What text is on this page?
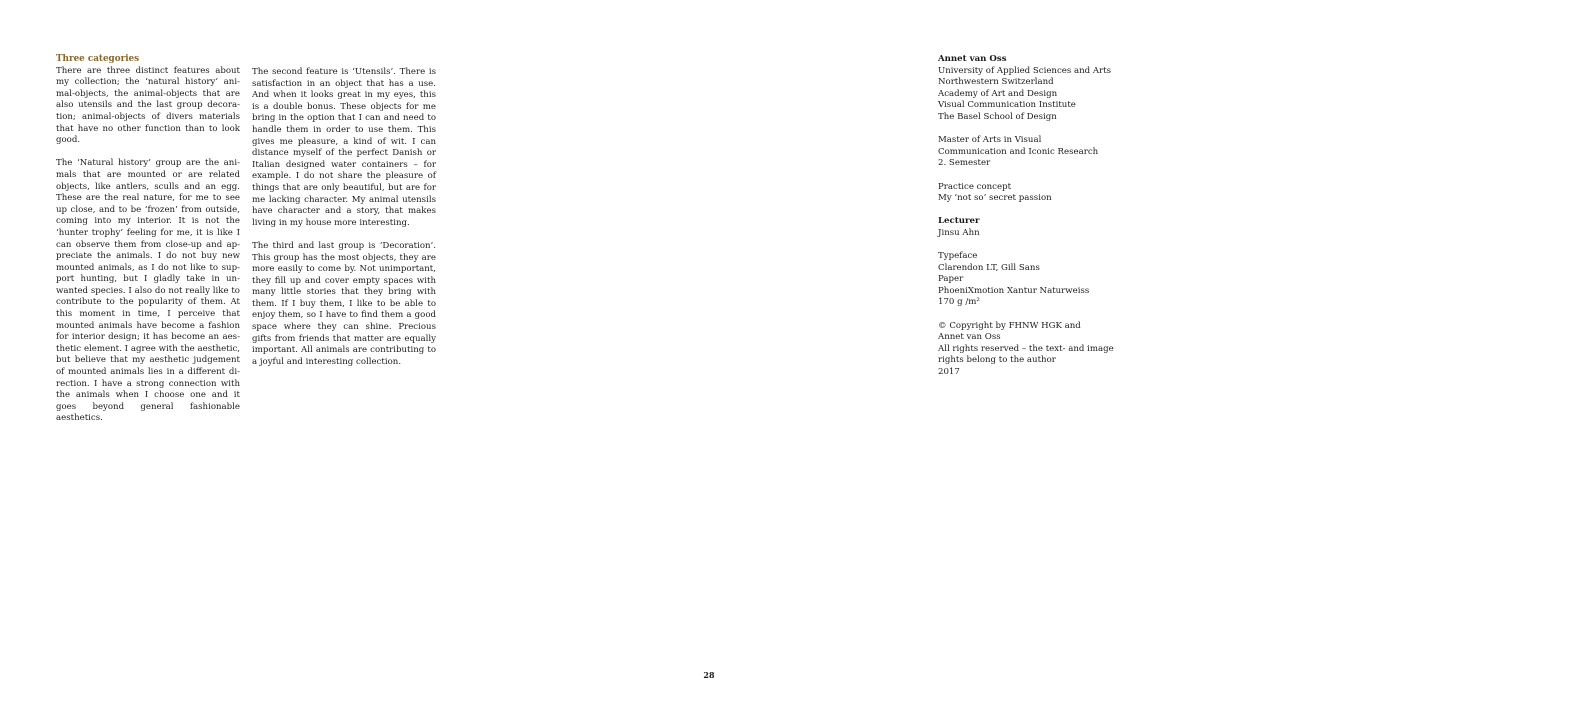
Three categories

There are three distinct features about my collection; the ‘natural history’ animal-objects, the animal-objects that are also utensils and the last group decoration; animal-objects of divers materials that have no other function than to look good.

The ‘Natural history’ group are the animals that are mounted or are related objects, like antlers, sculls and an egg. These are the real nature, for me to see up close, and to be ‘frozen’ from outside, coming into my interior. It is not the ‘hunter trophy’ feeling for me, it is like I can observe them from close-up and appreciate the animals. I do not buy new mounted animals, as I do not like to support hunting, but I gladly take in unwanted species. I also do not really like to contribute to the popularity of them. At this moment in time, I perceive that mounted animals have become a fashion for interior design; it has become an aesthetic element. I agree with the aesthetic, but believe that my aesthetic judgement of mounted animals lies in a different direction. I have a strong connection with the animals when I choose one and it goes beyond general fashionable aesthetics.

The second feature is ‘Utensils’. There is satisfaction in an object that has a use. And when it looks great in my eyes, this is a double bonus. These objects for me bring in the option that I can and need to handle them in order to use them. This gives me pleasure, a kind of wit. I can distance myself of the perfect Danish or Italian designed water containers – for example. I do not share the pleasure of things that are only beautiful, but are for me lacking character. My animal utensils have character and a story, that makes living in my house more interesting.

The third and last group is ‘Decoration’. This group has the most objects, they are more easily to come by. Not unimportant, they fill up and cover empty spaces with many little stories that they bring with them. If I buy them, I like to be able to enjoy them, so I have to find them a good space where they can shine. Precious gifts from friends that matter are equally important. All animals are contributing to a joyful and interesting collection.

Annet van Oss
University of Applied Sciences and Arts
Northwestern Switzerland
Academy of Art and Design
Visual Communication Institute
The Basel School of Design
Master of Arts in Visual
Communication and Iconic Research
2. Semester
Practice concept
My ‘not so’ secret passion
Lecturer
Jinsu Ahn
Typeface
Clarendon LT, Gill Sans
Paper
PhoeniXmotion Xantur Naturweiss
170 g /m²
© Copyright by FHNW HGK and
Annet van Oss
All rights reserved – the text- and image
rights belong to the author
2017
28
